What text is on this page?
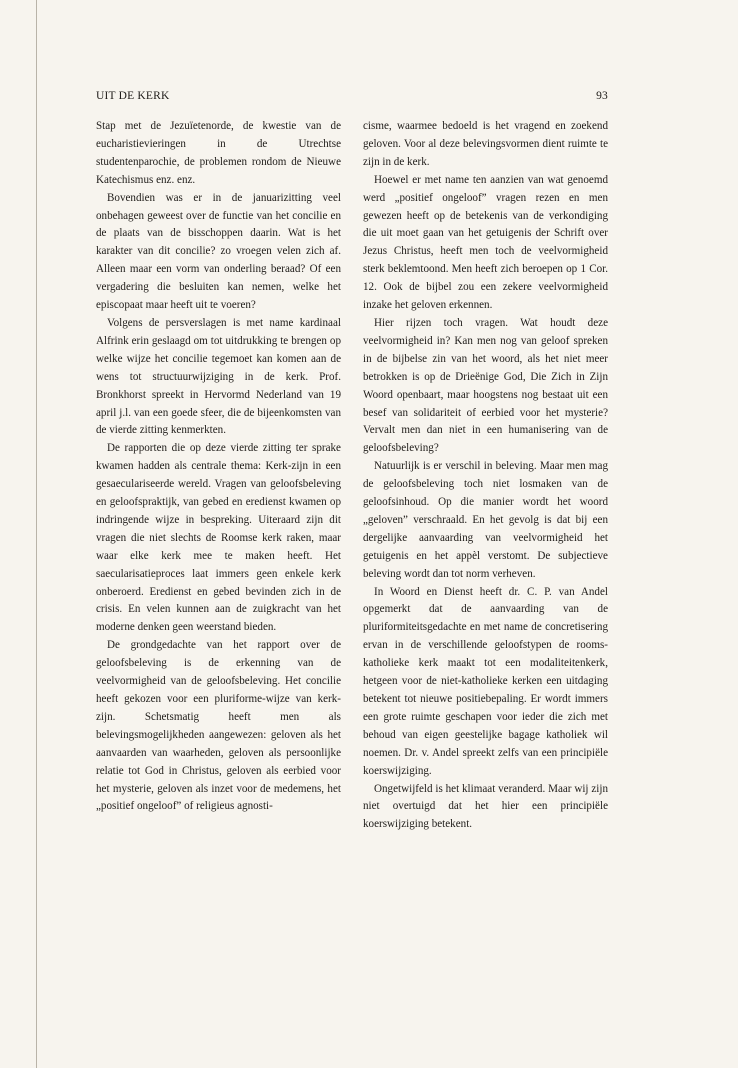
UIT DE KERK	93

Stap met de Jezuïetenorde, de kwestie van de eucharistievieringen in de Utrechtse studentenparochie, de problemen rondom de Nieuwe Katechismus enz. enz.

Bovendien was er in de januarizitting veel onbehagen geweest over de functie van het concilie en de plaats van de bisschoppen daarin. Wat is het karakter van dit concilie? zo vroegen velen zich af. Alleen maar een vorm van onderling beraad? Of een vergadering die besluiten kan nemen, welke het episcopaat maar heeft uit te voeren?

Volgens de persverslagen is met name kardinaal Alfrink erin geslaagd om tot uitdrukking te brengen op welke wijze het concilie tegemoet kan komen aan de wens tot structuurwijziging in de kerk. Prof. Bronkhorst spreekt in Hervormd Nederland van 19 april j.l. van een goede sfeer, die de bijeenkomsten van de vierde zitting kenmerkten.

De rapporten die op deze vierde zitting ter sprake kwamen hadden als centrale thema: Kerk-zijn in een gesaeculariseerde wereld. Vragen van geloofsbeleving en geloofspraktijk, van gebed en eredienst kwamen op indringende wijze in bespreking. Uiteraard zijn dit vragen die niet slechts de Roomse kerk raken, maar waar elke kerk mee te maken heeft. Het saecularisatieproces laat immers geen enkele kerk onberoerd. Eredienst en gebed bevinden zich in de crisis. En velen kunnen aan de zuigkracht van het moderne denken geen weerstand bieden.

De grondgedachte van het rapport over de geloofsbeleving is de erkenning van de veelvormigheid van de geloofsbeleving. Het concilie heeft gekozen voor een pluriforme-wijze van kerk-zijn. Schetsmatig heeft men als belevingsmogelijkheden aangewezen: geloven als het aanvaarden van waarheden, geloven als persoonlijke relatie tot God in Christus, geloven als eerbied voor het mysterie, geloven als inzet voor de medemens, het „positief ongeloof” of religieus agnosti-

cisme, waarmee bedoeld is het vragend en zoekend geloven. Voor al deze belevingsvormen dient ruimte te zijn in de kerk.

Hoewel er met name ten aanzien van wat genoemd werd „positief ongeloof” vragen rezen en men gewezen heeft op de betekenis van de verkondiging die uit moet gaan van het getuigenis der Schrift over Jezus Christus, heeft men toch de veelvormigheid sterk beklemtoond. Men heeft zich beroepen op 1 Cor. 12. Ook de bijbel zou een zekere veelvormigheid inzake het geloven erkennen.

Hier rijzen toch vragen. Wat houdt deze veelvormigheid in? Kan men nog van geloof spreken in de bijbelse zin van het woord, als het niet meer betrokken is op de Drieënige God, Die Zich in Zijn Woord openbaart, maar hoogstens nog bestaat uit een besef van solidariteit of eerbied voor het mysterie? Vervalt men dan niet in een humanisering van de geloofsbeleving?

Natuurlijk is er verschil in beleving. Maar men mag de geloofsbeleving toch niet losmaken van de geloofsinhoud. Op die manier wordt het woord „geloven” verschraald. En het gevolg is dat bij een dergelijke aanvaarding van veelvormigheid het getuigenis en het appèl verstomt. De subjectieve beleving wordt dan tot norm verheven.

In Woord en Dienst heeft dr. C. P. van Andel opgemerkt dat de aanvaarding van de pluriformiteitsgedachte en met name de concretisering ervan in de verschillende geloofstypen de rooms-katholieke kerk maakt tot een modaliteitenkerk, hetgeen voor de niet-katholieke kerken een uitdaging betekent tot nieuwe positiebepaling. Er wordt immers een grote ruimte geschapen voor ieder die zich met behoud van eigen geestelijke bagage katholiek wil noemen. Dr. v. Andel spreekt zelfs van een principiële koerswijziging.

Ongetwijfeld is het klimaat veranderd. Maar wij zijn niet overtuigd dat het hier een principiële koerswijziging betekent.
